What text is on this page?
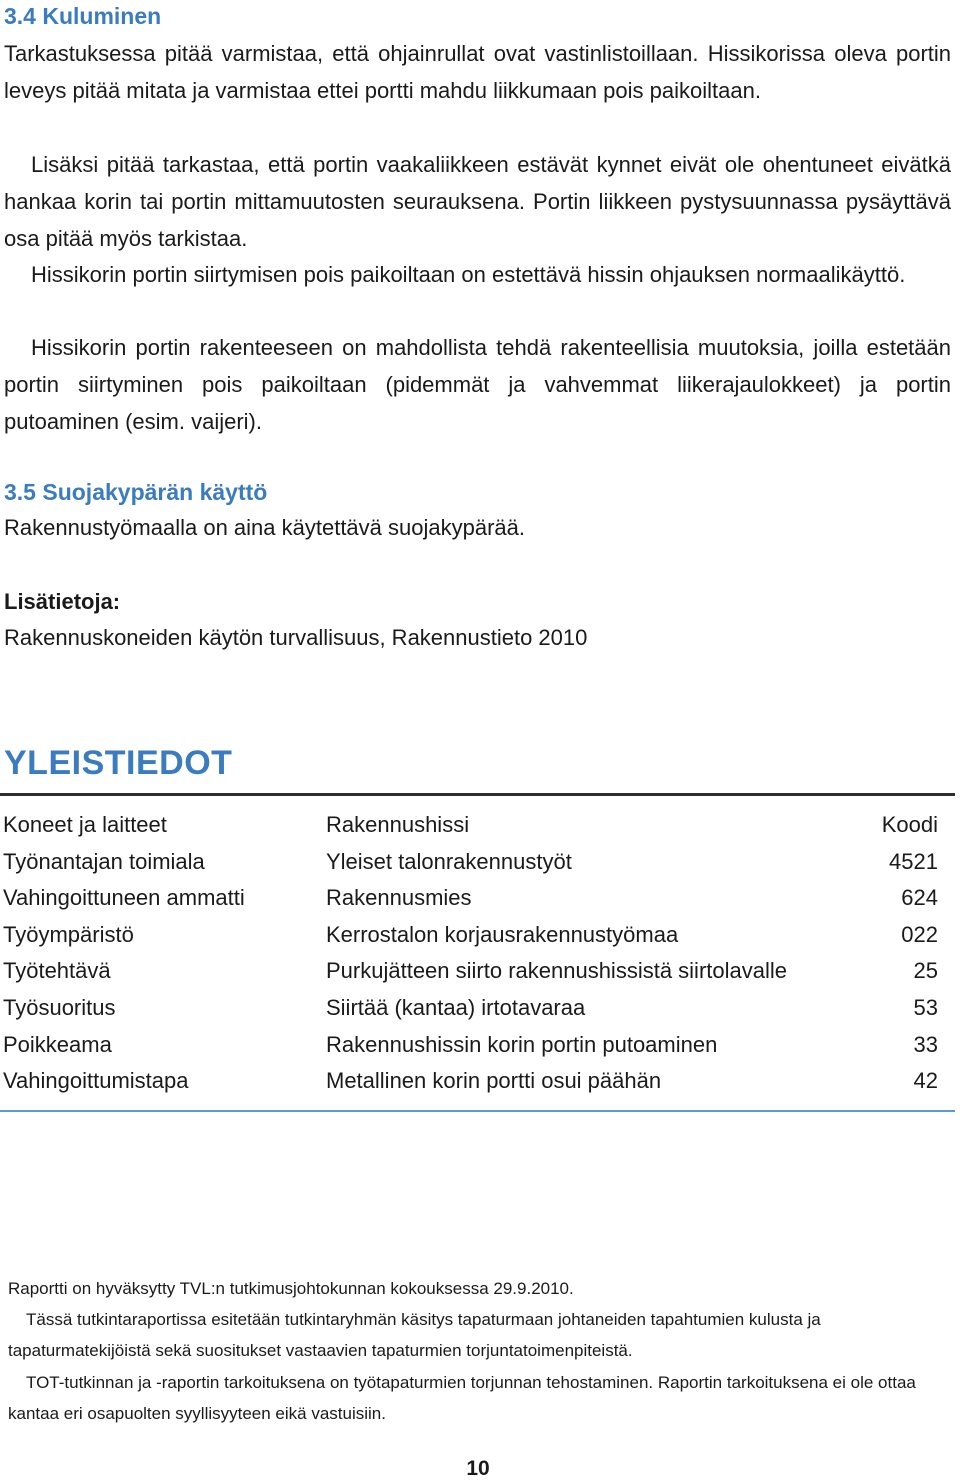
3.4 Kuluminen

Tarkastuksessa pitää varmistaa, että ohjainrullat ovat vastinlistoillaan. Hissikorissa oleva portin leveys pitää mitata ja varmistaa ettei portti mahdu liikkumaan pois paikoiltaan.

Lisäksi pitää tarkastaa, että portin vaakaliikkeen estävät kynnet eivät ole ohentuneet eivätkä hankaa korin tai portin mittamuutosten seurauksena. Portin liikkeen pystysuunnassa pysäyttävä osa pitää myös tarkistaa.

Hissikorin portin siirtymisen pois paikoiltaan on estettävä hissin ohjauksen normaalikäyttö.

Hissikorin portin rakenteeseen on mahdollista tehdä rakenteellisia muutoksia, joilla estetään portin siirtyminen pois paikoiltaan (pidemmät ja vahvemmat liikerajaulokkeet) ja portin putoaminen (esim. vaijeri).

3.5 Suojakypärän käyttö

Rakennustyömaalla on aina käytettävä suojakypärää.

Lisätietoja:

Rakennuskoneiden käytön turvallisuus, Rakennustieto 2010

YLEISTIEDOT
Koneet ja laitteet	Rakennushissi	Koodi
Työnantajan toimiala	Yleiset talonrakennustyöt	4521
Vahingoittuneen ammatti	Rakennusmies	624
Työympäristö	Kerrostalon korjausrakennustyömaa	022
Työtehtävä	Purkujätteen siirto rakennushissistä siirtolavalle	25
Työsuoritus	Siirtää (kantaa) irtotavaraa	53
Poikkeama	Rakennushissin korin portin putoaminen	33
Vahingoittumistapa	Metallinen korin portti osui päähän	42

Raportti on hyväksytty TVL:n tutkimusjohtokunnan kokouksessa 29.9.2010.

Tässä tutkintaraportissa esitetään tutkintaryhmän käsitys tapaturmaan johtaneiden tapahtumien kulusta ja tapaturmatekijöistä sekä suositukset vastaavien tapaturmien torjuntatoimenpiteistä.

TOT-tutkinnan ja -raportin tarkoituksena on työtapaturmien torjunnan tehostaminen. Raportin tarkoituksena ei ole ottaa kantaa eri osapuolten syyllisyyteen eikä vastuisiin.

10
